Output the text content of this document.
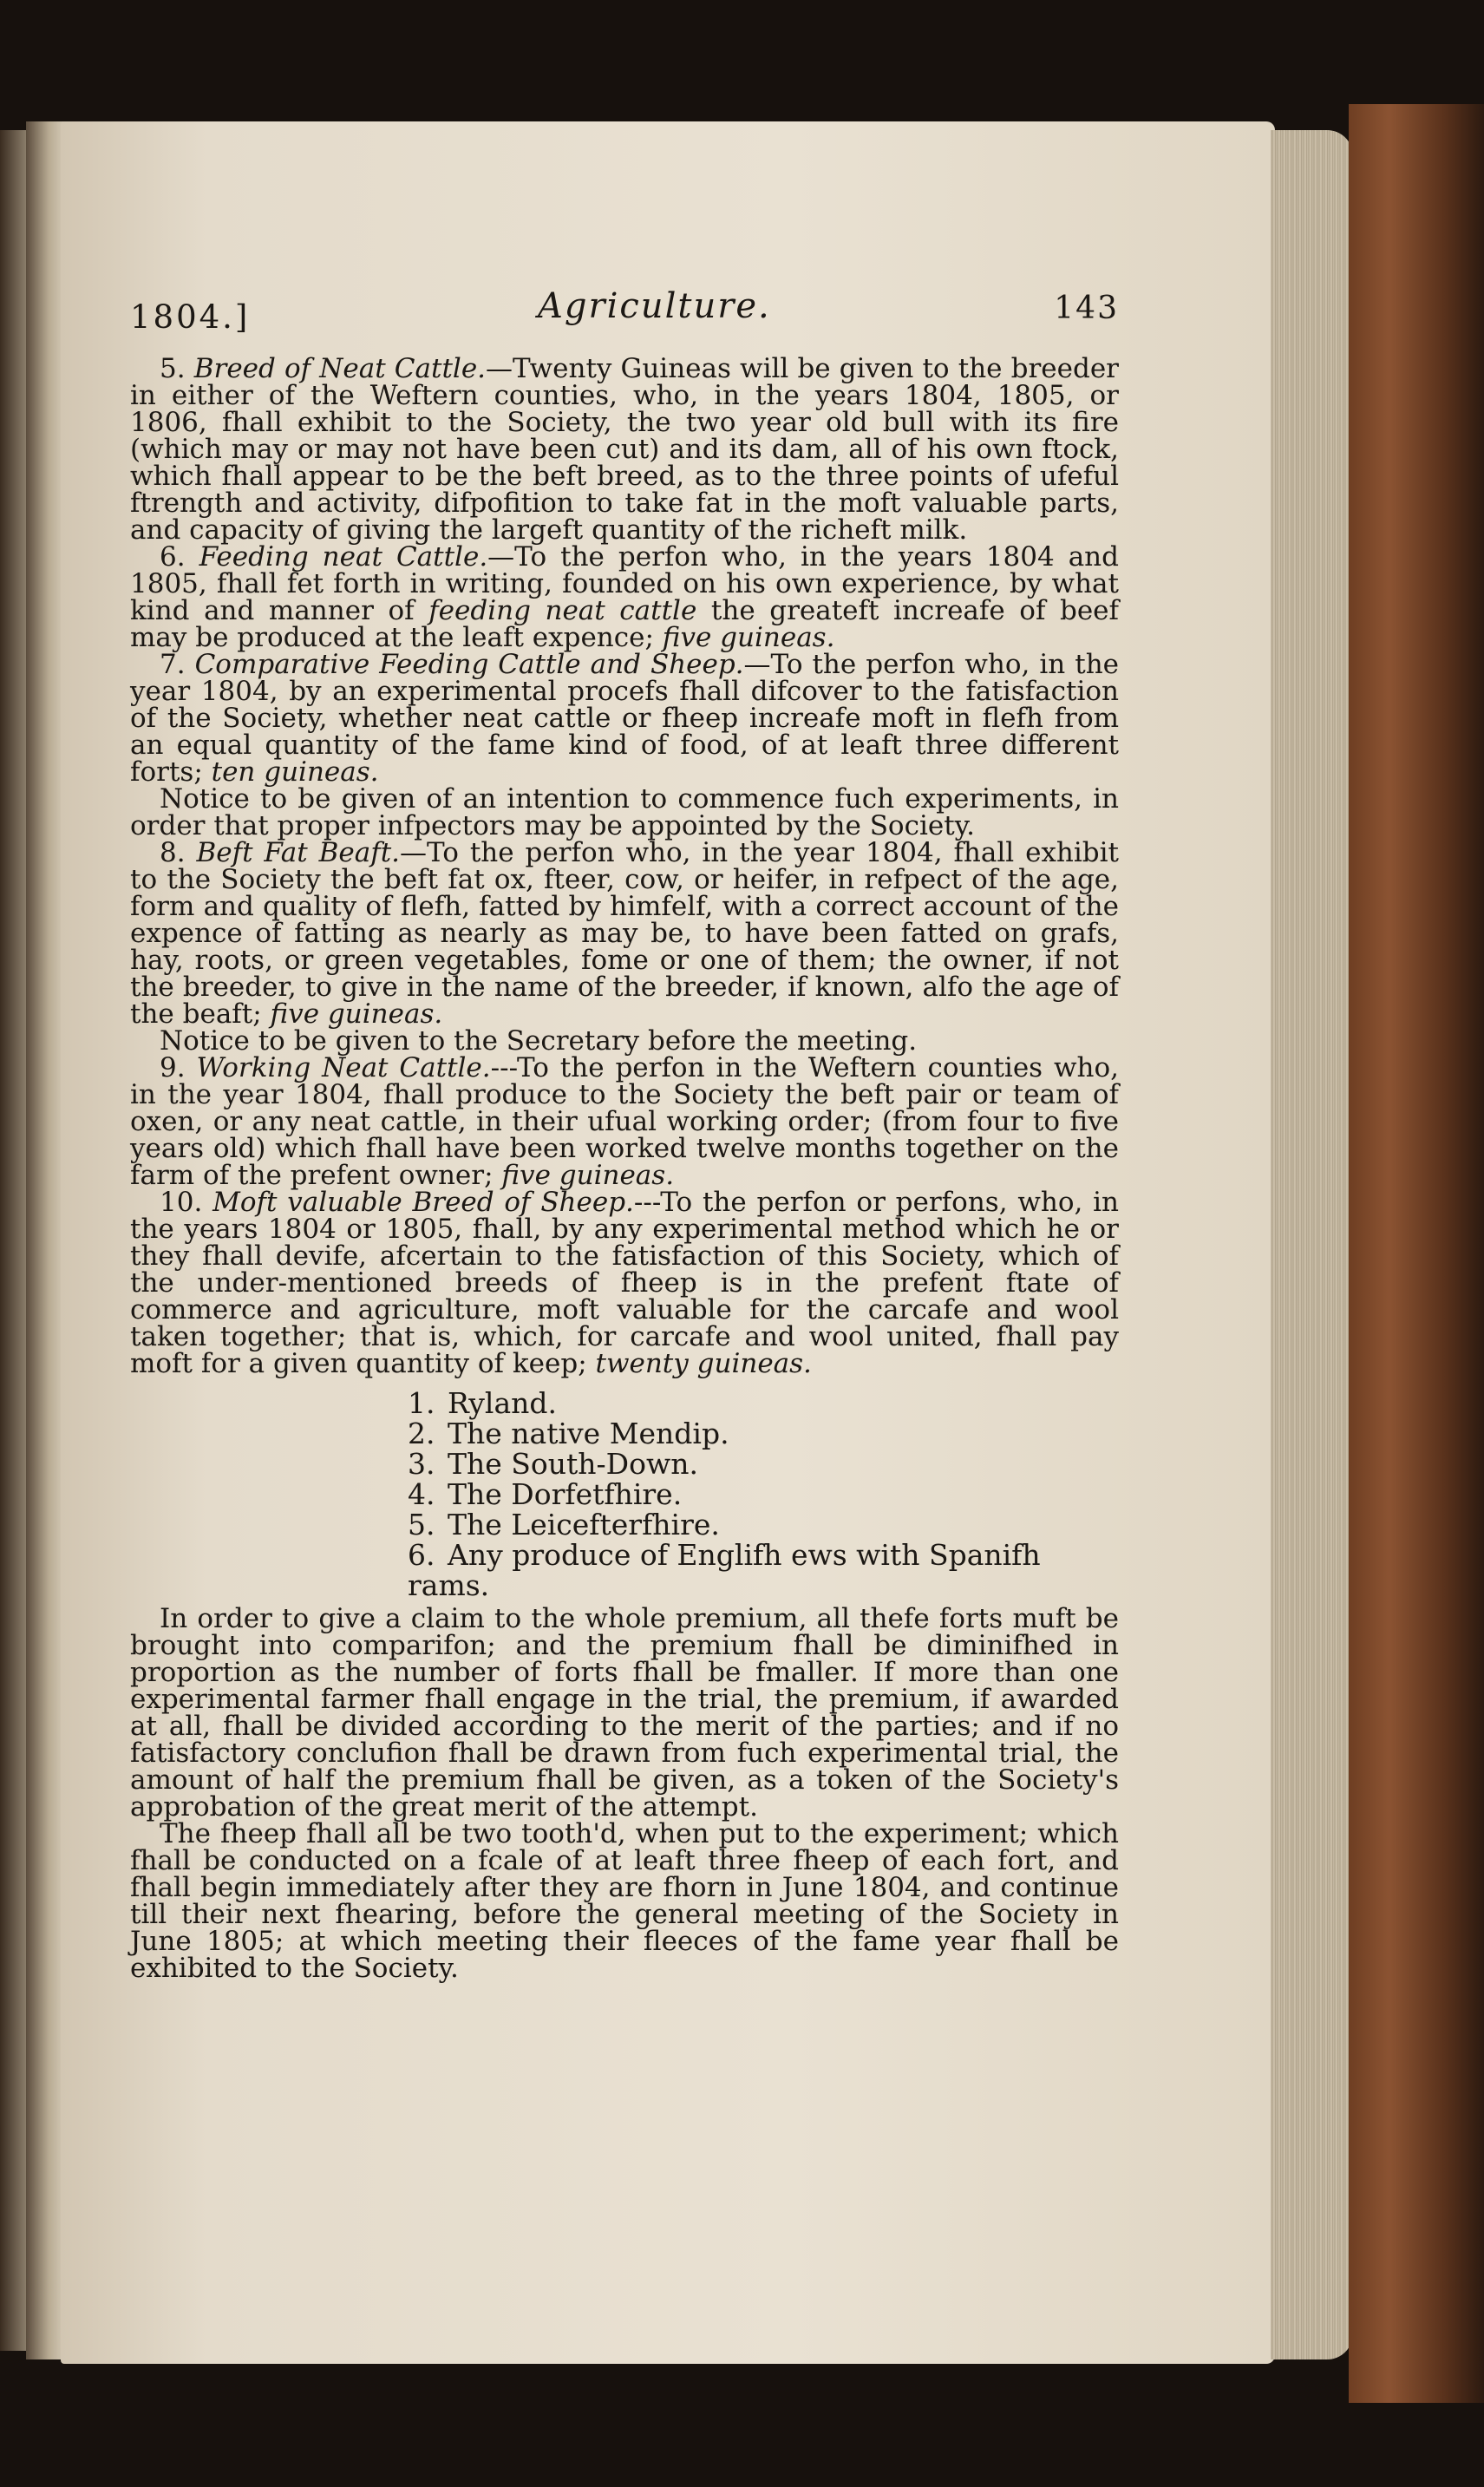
1804.]	Agriculture.	143

5. Breed of Neat Cattle.—Twenty Guineas will be given to the breeder in either of the Weftern counties, who, in the years 1804, 1805, or 1806, fhall exhibit to the Society, the two year old bull with its fire (which may or may not have been cut) and its dam, all of his own ftock, which fhall appear to be the beft breed, as to the three points of ufeful ftrength and activity, difpofition to take fat in the moft valuable parts, and capacity of giving the largeft quantity of the richeft milk.

6. Feeding neat Cattle.—To the perfon who, in the years 1804 and 1805, fhall fet forth in writing, founded on his own experience, by what kind and manner of feeding neat cattle the greateft increafe of beef may be produced at the leaft expence; five guineas.

7. Comparative Feeding Cattle and Sheep.—To the perfon who, in the year 1804, by an experimental procefs fhall difcover to the fatisfaction of the Society, whether neat cattle or fheep increafe moft in flefh from an equal quantity of the fame kind of food, of at leaft three different forts; ten guineas.

Notice to be given of an intention to commence fuch experiments, in order that proper infpectors may be appointed by the Society.

8. Beft Fat Beaft.—To the perfon who, in the year 1804, fhall exhibit to the Society the beft fat ox, fteer, cow, or heifer, in refpect of the age, form and quality of flefh, fatted by himfelf, with a correct account of the expence of fatting as nearly as may be, to have been fatted on grafs, hay, roots, or green vegetables, fome or one of them; the owner, if not the breeder, to give in the name of the breeder, if known, alfo the age of the beaft; five guineas.

Notice to be given to the Secretary before the meeting.

9. Working Neat Cattle.---To the perfon in the Weftern counties who, in the year 1804, fhall produce to the Society the beft pair or team of oxen, or any neat cattle, in their ufual working order; (from four to five years old) which fhall have been worked twelve months together on the farm of the prefent owner; five guineas.

10. Moft valuable Breed of Sheep.---To the perfon or perfons, who, in the years 1804 or 1805, fhall, by any experimental method which he or they fhall devife, afcertain to the fatisfaction of this Society, which of the under-mentioned breeds of fheep is in the prefent ftate of commerce and agriculture, moft valuable for the carcafe and wool taken together; that is, which, for carcafe and wool united, fhall pay moft for a given quantity of keep; twenty guineas.

1. Ryland.
2. The native Mendip.
3. The South-Down.
4. The Dorfetfhire.
5. The Leicefterfhire.
6. Any produce of Englifh ews with Spanifh rams.

In order to give a claim to the whole premium, all thefe forts muft be brought into comparifon; and the premium fhall be diminifhed in proportion as the number of forts fhall be fmaller. If more than one experimental farmer fhall engage in the trial, the premium, if awarded at all, fhall be divided according to the merit of the parties; and if no fatisfactory conclufion fhall be drawn from fuch experimental trial, the amount of half the premium fhall be given, as a token of the Society's approbation of the great merit of the attempt.

The fheep fhall all be two tooth'd, when put to the experiment; which fhall be conducted on a fcale of at leaft three fheep of each fort, and fhall begin immediately after they are fhorn in June 1804, and continue till their next fhearing, before the general meeting of the Society in June 1805; at which meeting their fleeces of the fame year fhall be exhibited to the Society.
